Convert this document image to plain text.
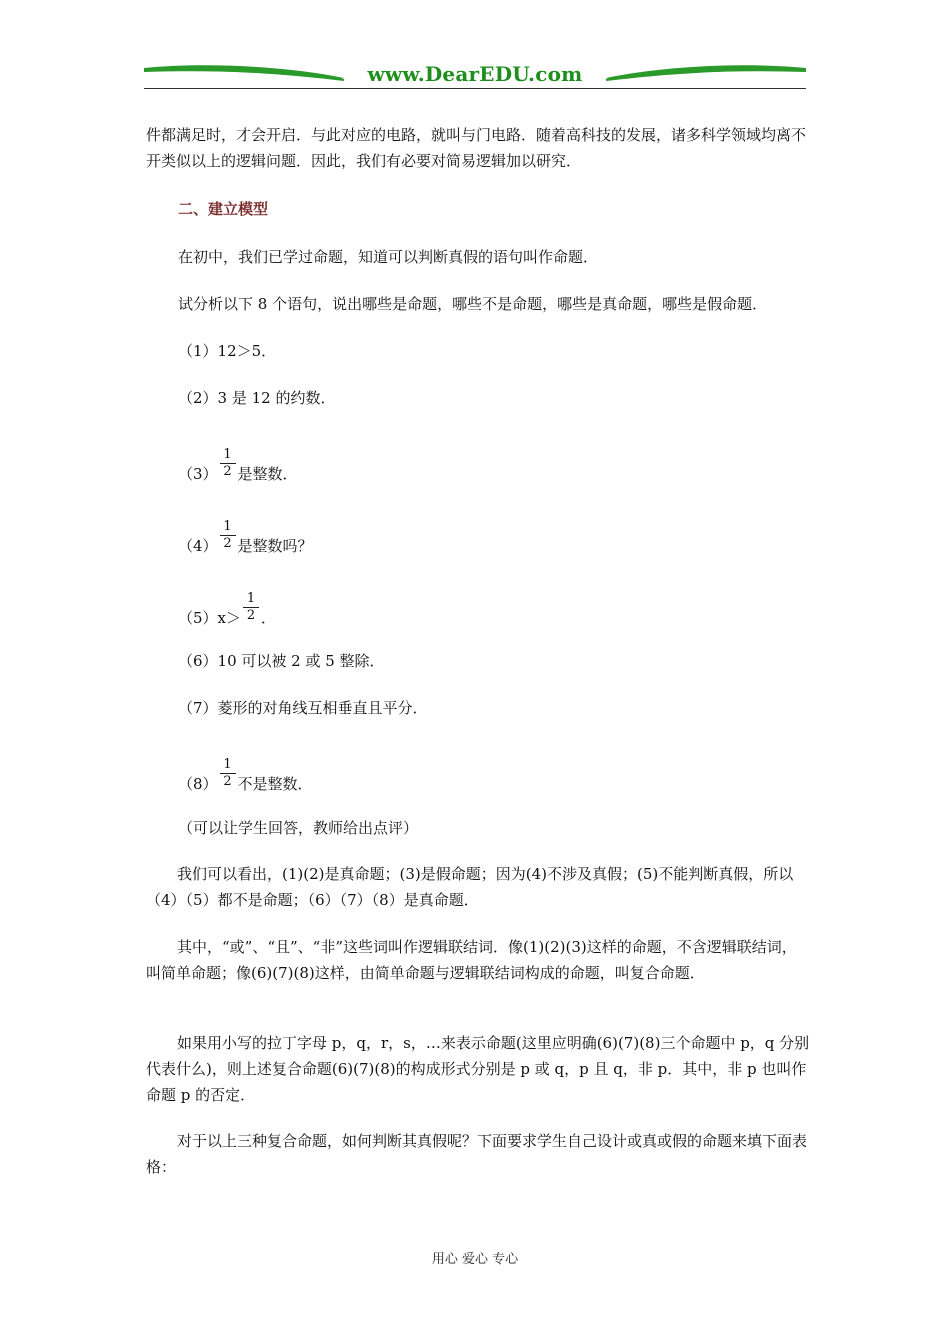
www.DearEDU.com

件都满足时，才会开启．与此对应的电路，就叫与门电路．随着高科技的发展，诸多科学领域均离不开类似以上的逻辑问题．因此，我们有必要对简易逻辑加以研究．

二、建立模型
在初中，我们已学过命题，知道可以判断真假的语句叫作命题．
试分析以下 8 个语句，说出哪些是命题，哪些不是命题，哪些是真命题，哪些是假命题．
（1）12＞5．
（2）3 是 12 的约数．
$(3) \frac{1}{2}$ 是整数．
$(4) \frac{1}{2}$ 是整数吗？
$(5)x> \frac{1}{2}$ ．
（6）10 可以被 2 或 5 整除．
（7）菱形的对角线互相垂直且平分．
$(8) \frac{1}{2}$ 不是整数．
（可以让学生回答，教师给出点评）

我们可以看出，(1)(2)是真命题；(3)是假命题；因为(4)不涉及真假；(5)不能判断真假，所以（4）（5）都不是命题；（6）（7）（8）是真命题．

其中，“或”、“且”、“非”这些词叫作逻辑联结词．像(1)(2)(3)这样的命题，不含逻辑联结词，叫简单命题；像(6)(7)(8)这样，由简单命题与逻辑联结词构成的命题，叫复合命题．

如果用小写的拉丁字母 p，q，r，s，…来表示命题(这里应明确(6)(7)(8)三个命题中 p，q 分别代表什么)，则上述复合命题(6)(7)(8)的构成形式分别是 p 或 q，p 且 q，非 p．其中，非 p 也叫作命题 p 的否定．

对于以上三种复合命题，如何判断其真假呢？下面要求学生自己设计或真或假的命题来填下面表格：

用心 爱心 专心
